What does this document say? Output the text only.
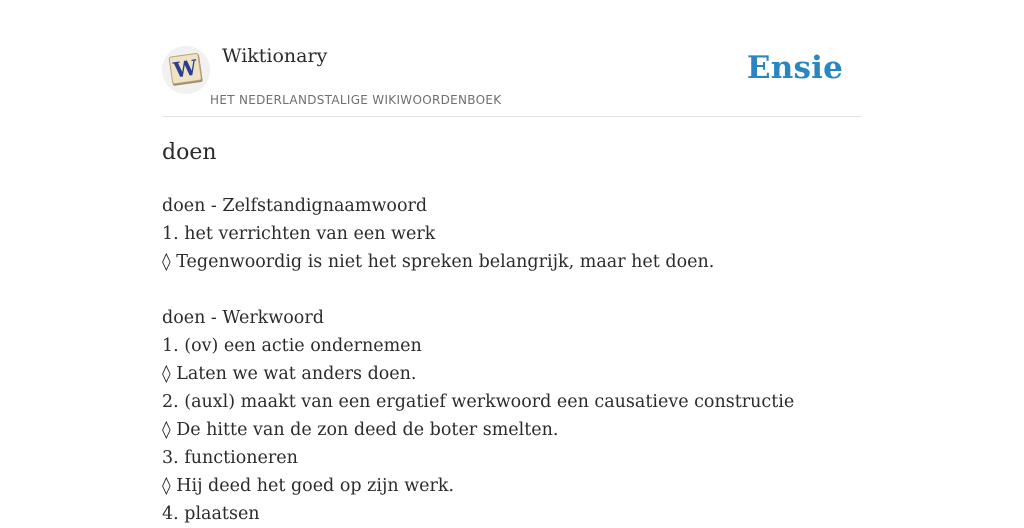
W Wiktionary
HET NEDERLANDSTALIGE WIKIWOORDENBOEK
Ensie
doen
doen - Zelfstandignaamwoord
1. het verrichten van een werk
◊ Tegenwoordig is niet het spreken belangrijk, maar het doen.
doen - Werkwoord
1. (ov) een actie ondernemen
◊ Laten we wat anders doen.
2. (auxl) maakt van een ergatief werkwoord een causatieve constructie
◊ De hitte van de zon deed de boter smelten.
3. functioneren
◊ Hij deed het goed op zijn werk.
4. plaatsen
